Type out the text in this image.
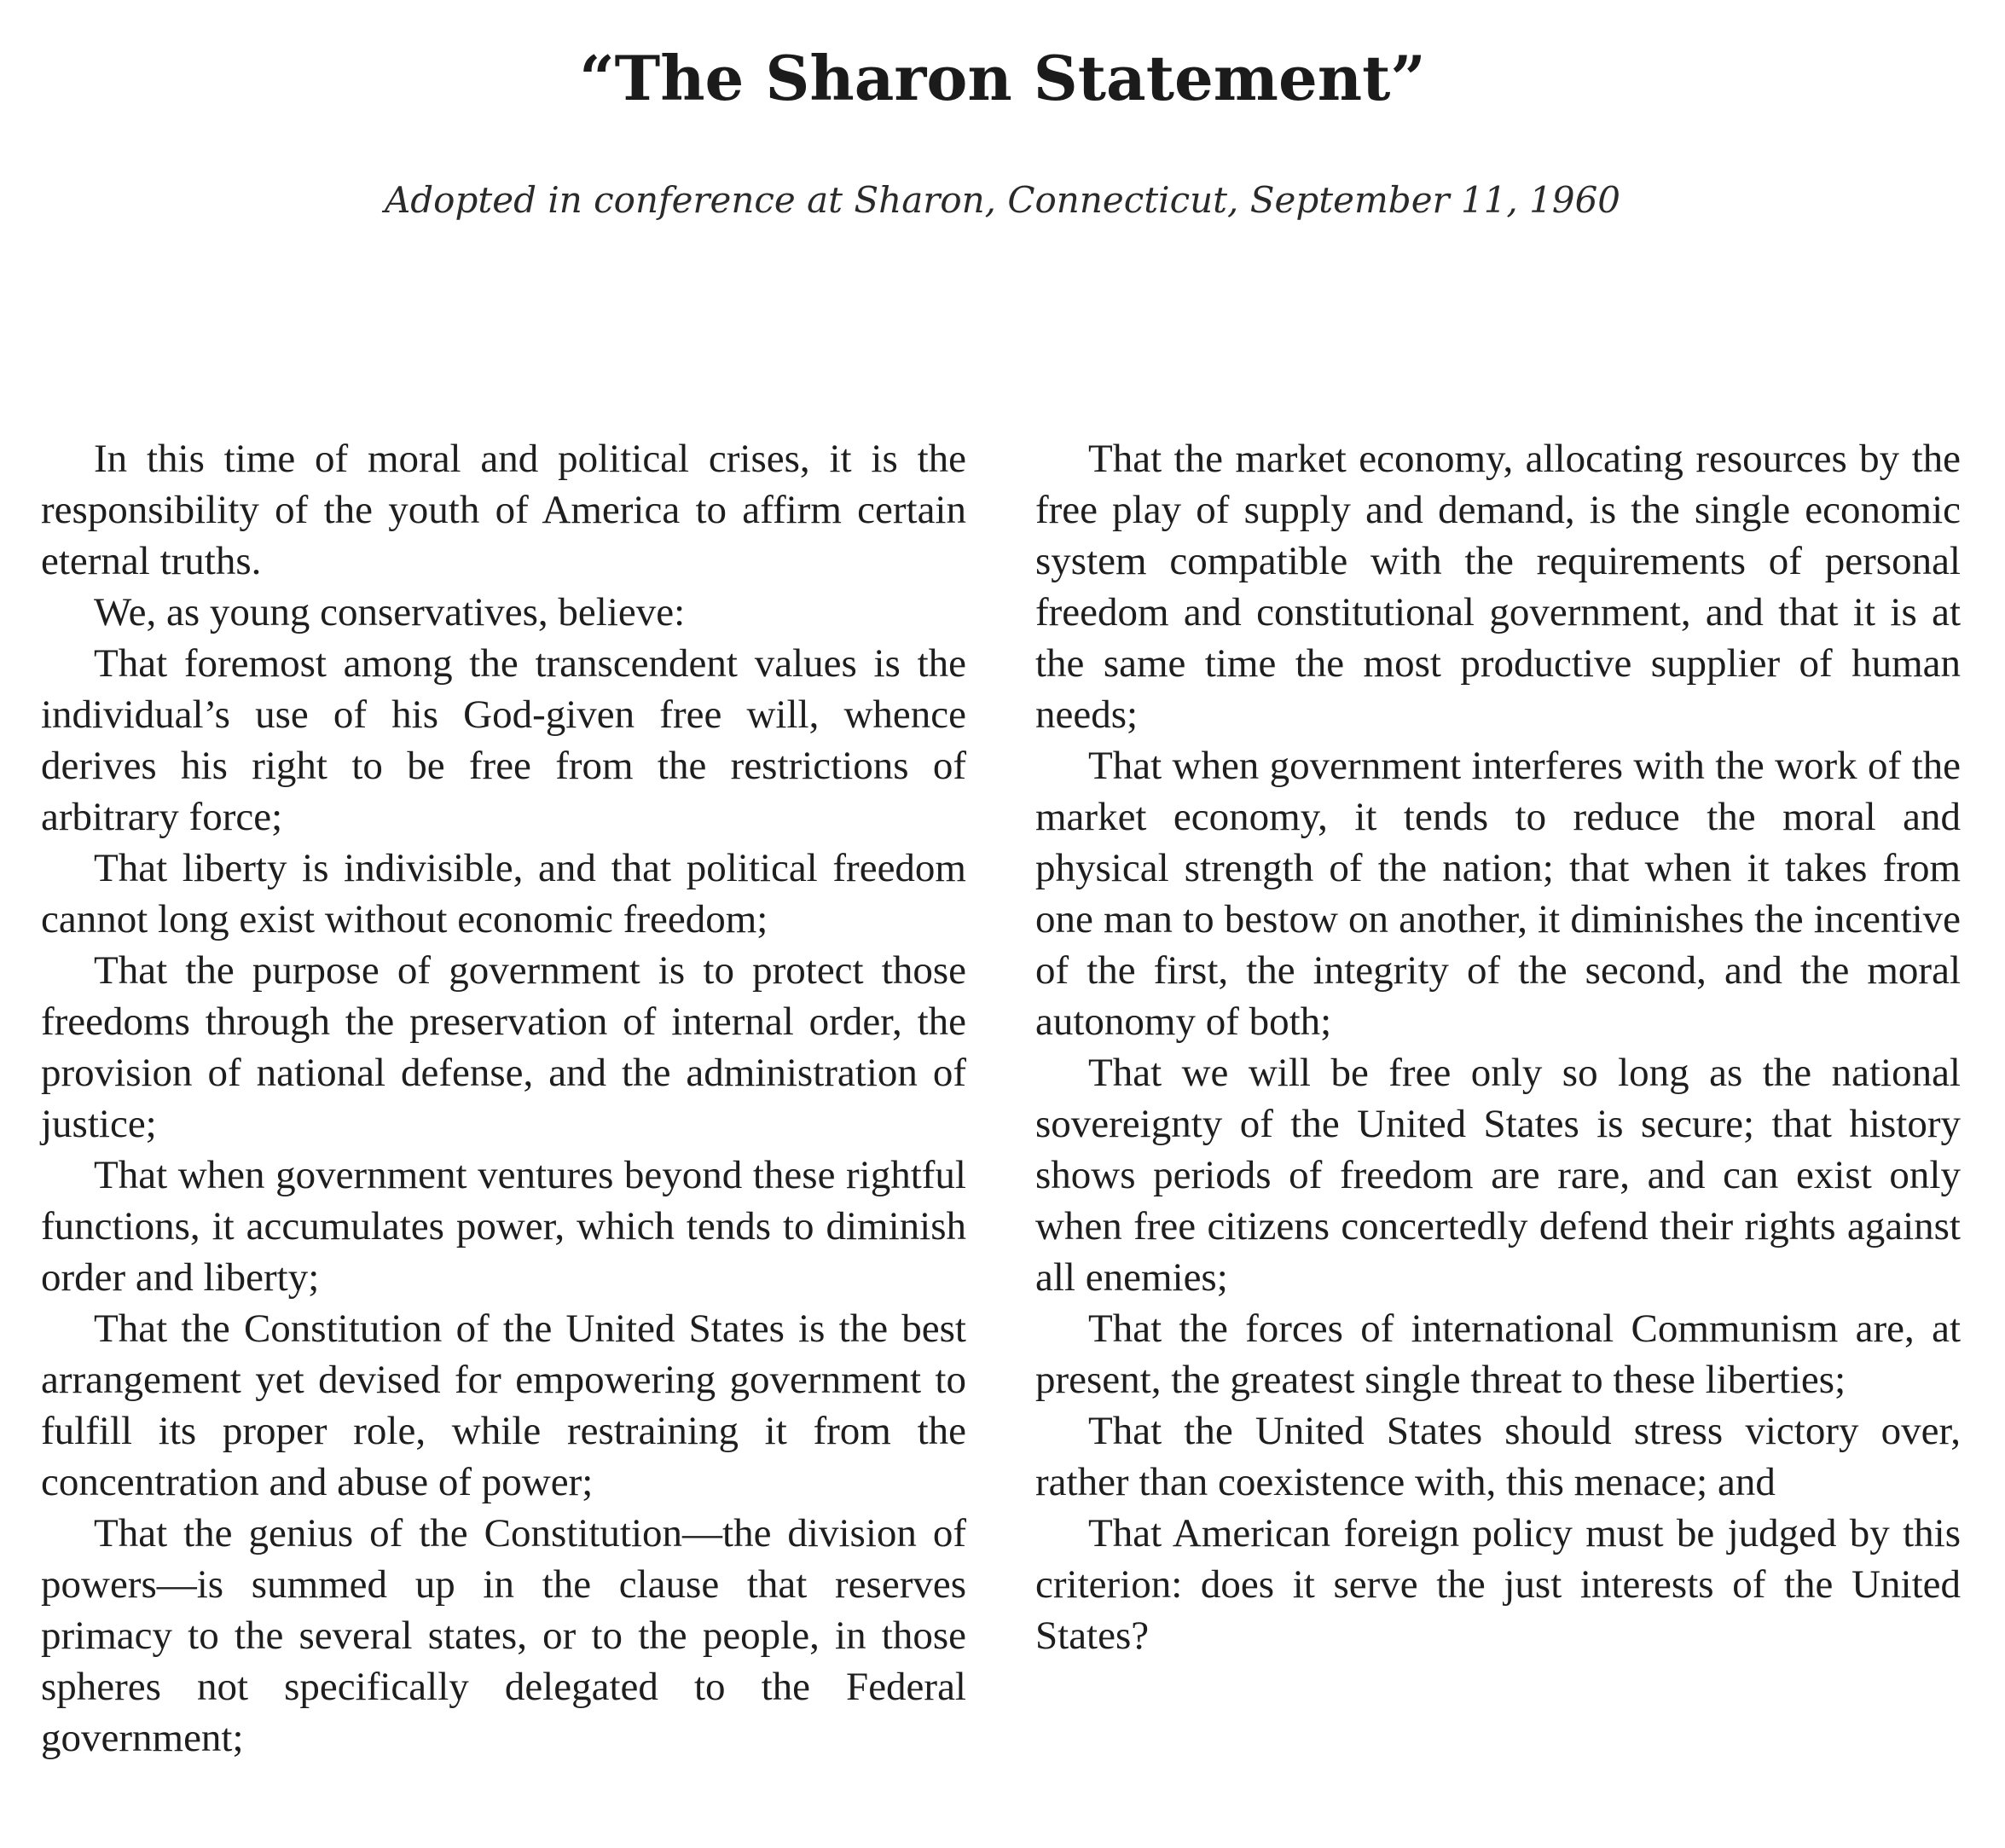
“The Sharon Statement”

Adopted in conference at Sharon, Connecticut, September 11, 1960

In this time of moral and political crises, it is the responsibility of the youth of America to affirm certain eternal truths.

We, as young conservatives, believe:

That foremost among the transcendent values is the individual’s use of his God-given free will, whence derives his right to be free from the restrictions of arbitrary force;

That liberty is indivisible, and that political freedom cannot long exist without economic freedom;

That the purpose of government is to protect those freedoms through the preservation of internal order, the provision of national defense, and the administration of justice;

That when government ventures beyond these rightful functions, it accumulates power, which tends to diminish order and liberty;

That the Constitution of the United States is the best arrangement yet devised for empowering government to fulfill its proper role, while restraining it from the concentration and abuse of power;

That the genius of the Constitution—the division of powers—is summed up in the clause that reserves primacy to the several states, or to the people, in those spheres not specifically delegated to the Federal government;

That the market economy, allocating resources by the free play of supply and demand, is the single economic system compatible with the requirements of personal freedom and constitutional government, and that it is at the same time the most productive supplier of human needs;

That when government interferes with the work of the market economy, it tends to reduce the moral and physical strength of the nation; that when it takes from one man to bestow on another, it diminishes the incentive of the first, the integrity of the second, and the moral autonomy of both;

That we will be free only so long as the national sovereignty of the United States is secure; that history shows periods of freedom are rare, and can exist only when free citizens concertedly defend their rights against all enemies;

That the forces of international Communism are, at present, the greatest single threat to these liberties;

That the United States should stress victory over, rather than coexistence with, this menace; and

That American foreign policy must be judged by this criterion: does it serve the just interests of the United States?
